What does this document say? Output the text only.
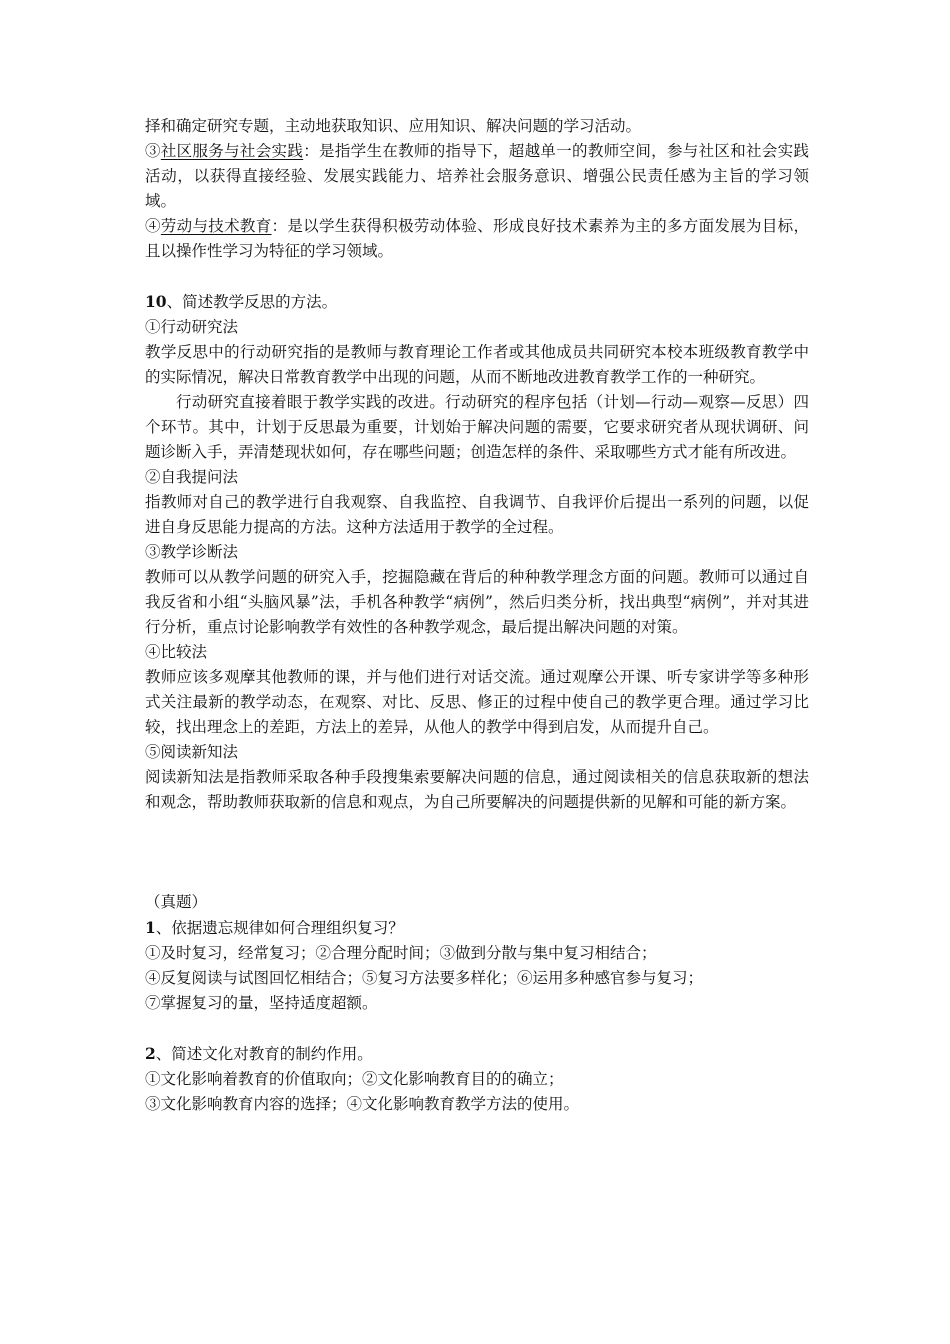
择和确定研究专题，主动地获取知识、应用知识、解决问题的学习活动。

③社区服务与社会实践：是指学生在教师的指导下，超越单一的教师空间，参与社区和社会实践活动，以获得直接经验、发展实践能力、培养社会服务意识、增强公民责任感为主旨的学习领域。

④劳动与技术教育：是以学生获得积极劳动体验、形成良好技术素养为主的多方面发展为目标，且以操作性学习为特征的学习领域。

10、简述教学反思的方法。

①行动研究法

教学反思中的行动研究指的是教师与教育理论工作者或其他成员共同研究本校本班级教育教学中的实际情况，解决日常教育教学中出现的问题，从而不断地改进教育教学工作的一种研究。

行动研究直接着眼于教学实践的改进。行动研究的程序包括（计划—行动—观察—反思）四个环节。其中，计划于反思最为重要，计划始于解决问题的需要，它要求研究者从现状调研、问题诊断入手，弄清楚现状如何，存在哪些问题；创造怎样的条件、采取哪些方式才能有所改进。

②自我提问法

指教师对自己的教学进行自我观察、自我监控、自我调节、自我评价后提出一系列的问题，以促进自身反思能力提高的方法。这种方法适用于教学的全过程。

③教学诊断法

教师可以从教学问题的研究入手，挖掘隐藏在背后的种种教学理念方面的问题。教师可以通过自我反省和小组“头脑风暴”法，手机各种教学“病例”，然后归类分析，找出典型“病例”，并对其进行分析，重点讨论影响教学有效性的各种教学观念，最后提出解决问题的对策。

④比较法

教师应该多观摩其他教师的课，并与他们进行对话交流。通过观摩公开课、听专家讲学等多种形式关注最新的教学动态，在观察、对比、反思、修正的过程中使自己的教学更合理。通过学习比较，找出理念上的差距，方法上的差异，从他人的教学中得到启发，从而提升自己。

⑤阅读新知法

阅读新知法是指教师采取各种手段搜集索要解决问题的信息，通过阅读相关的信息获取新的想法和观念，帮助教师获取新的信息和观点，为自己所要解决的问题提供新的见解和可能的新方案。

（真题）

1、依据遗忘规律如何合理组织复习？

①及时复习，经常复习；②合理分配时间；③做到分散与集中复习相结合；

④反复阅读与试图回忆相结合；⑤复习方法要多样化；⑥运用多种感官参与复习；

⑦掌握复习的量，坚持适度超额。

2、简述文化对教育的制约作用。

①文化影响着教育的价值取向；②文化影响教育目的的确立；

③文化影响教育内容的选择；④文化影响教育教学方法的使用。
